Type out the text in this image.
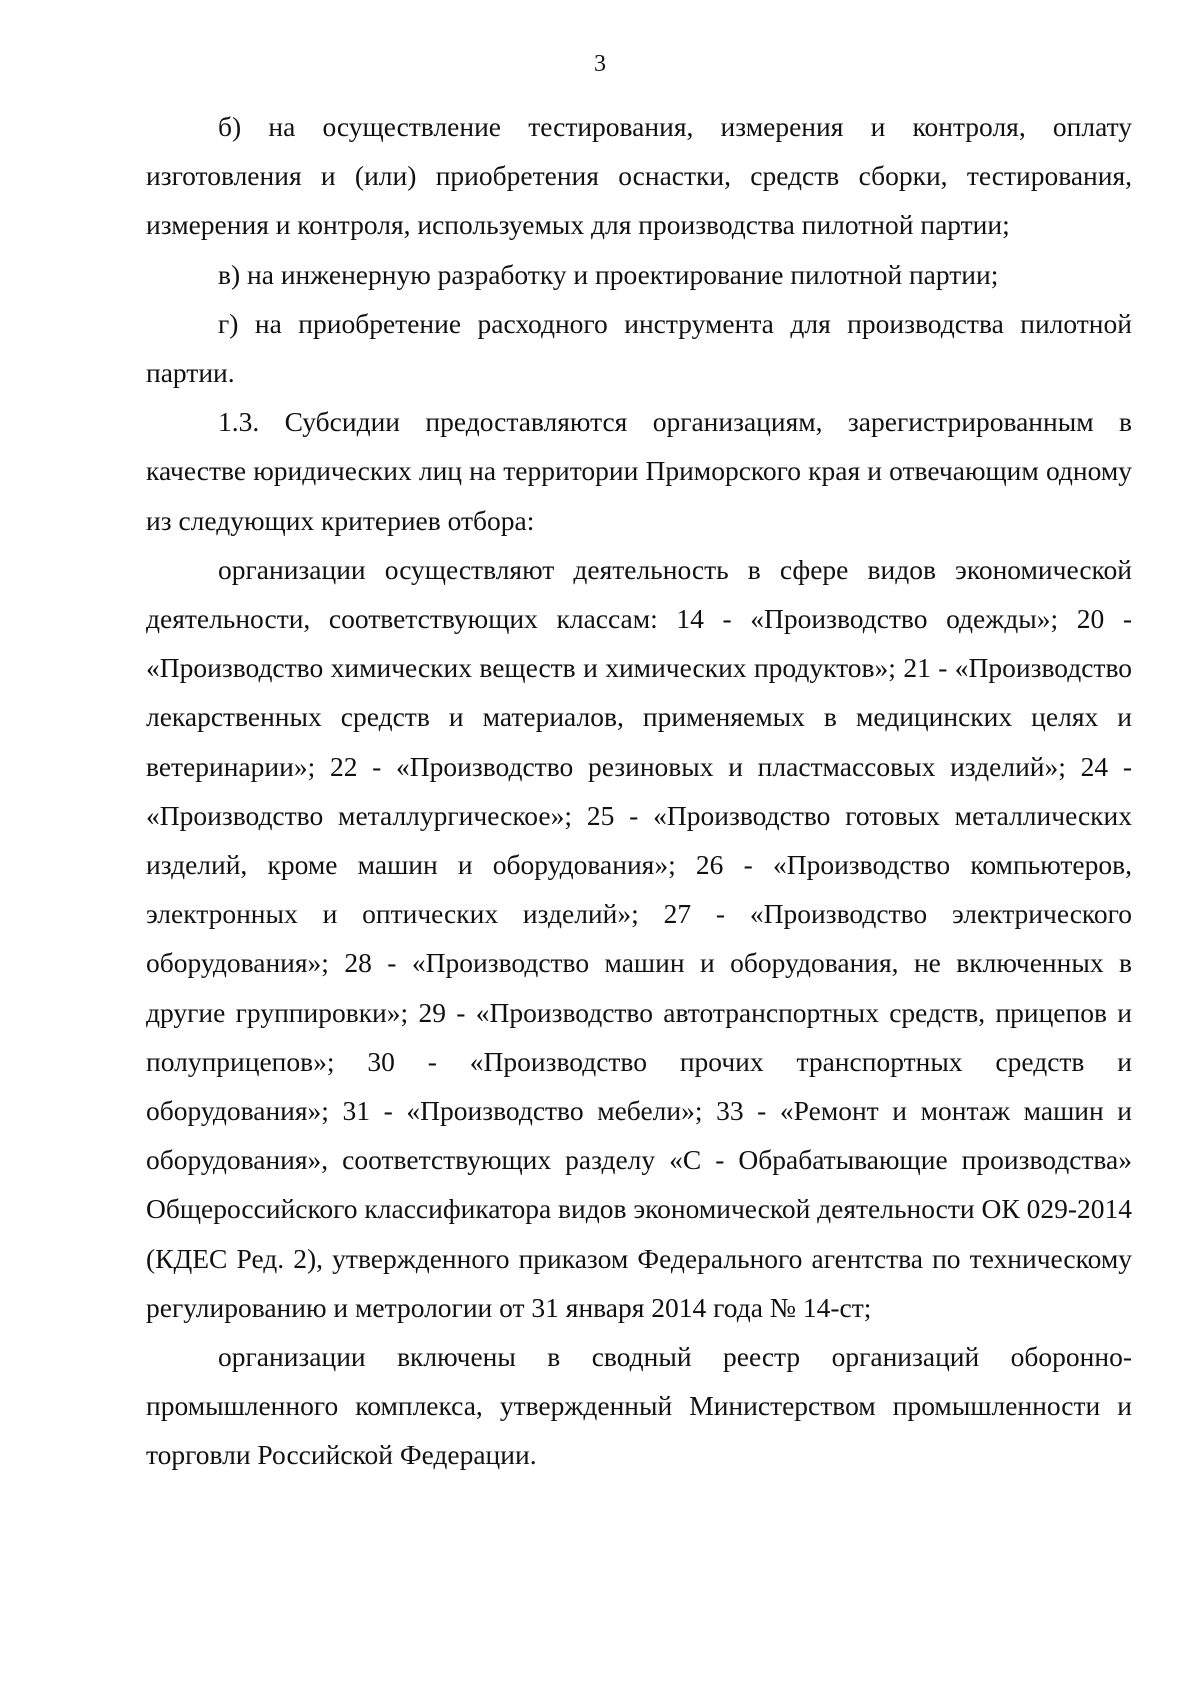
3

б) на осуществление тестирования, измерения и контроля, оплату изготовления и (или) приобретения оснастки, средств сборки, тестирования, измерения и контроля, используемых для производства пилотной партии;

в) на инженерную разработку и проектирование пилотной партии;

г) на приобретение расходного инструмента для производства пилотной партии.

1.3. Субсидии предоставляются организациям, зарегистрированным в качестве юридических лиц на территории Приморского края и отвечающим одному из следующих критериев отбора:

организации осуществляют деятельность в сфере видов экономической деятельности, соответствующих классам: 14 - «Производство одежды»; 20 - «Производство химических веществ и химических продуктов»; 21 - «Производство лекарственных средств и материалов, применяемых в медицинских целях и ветеринарии»; 22 - «Производство резиновых и пластмассовых изделий»; 24 - «Производство металлургическое»; 25 - «Производство готовых металлических изделий, кроме машин и оборудования»; 26 - «Производство компьютеров, электронных и оптических изделий»; 27 - «Производство электрического оборудования»; 28 - «Производство машин и оборудования, не включенных в другие группировки»; 29 - «Производство автотранспортных средств, прицепов и полуприцепов»; 30 - «Производство прочих транспортных средств и оборудования»; 31 - «Производство мебели»; 33 - «Ремонт и монтаж машин и оборудования», соответствующих разделу «С - Обрабатывающие производства» Общероссийского классификатора видов экономической деятельности ОК 029-2014 (КДЕС Ред. 2), утвержденного приказом Федерального агентства по техническому регулированию и метрологии от 31 января 2014 года № 14-ст;

организации включены в сводный реестр организаций оборонно-промышленного комплекса, утвержденный Министерством промышленности и торговли Российской Федерации.
